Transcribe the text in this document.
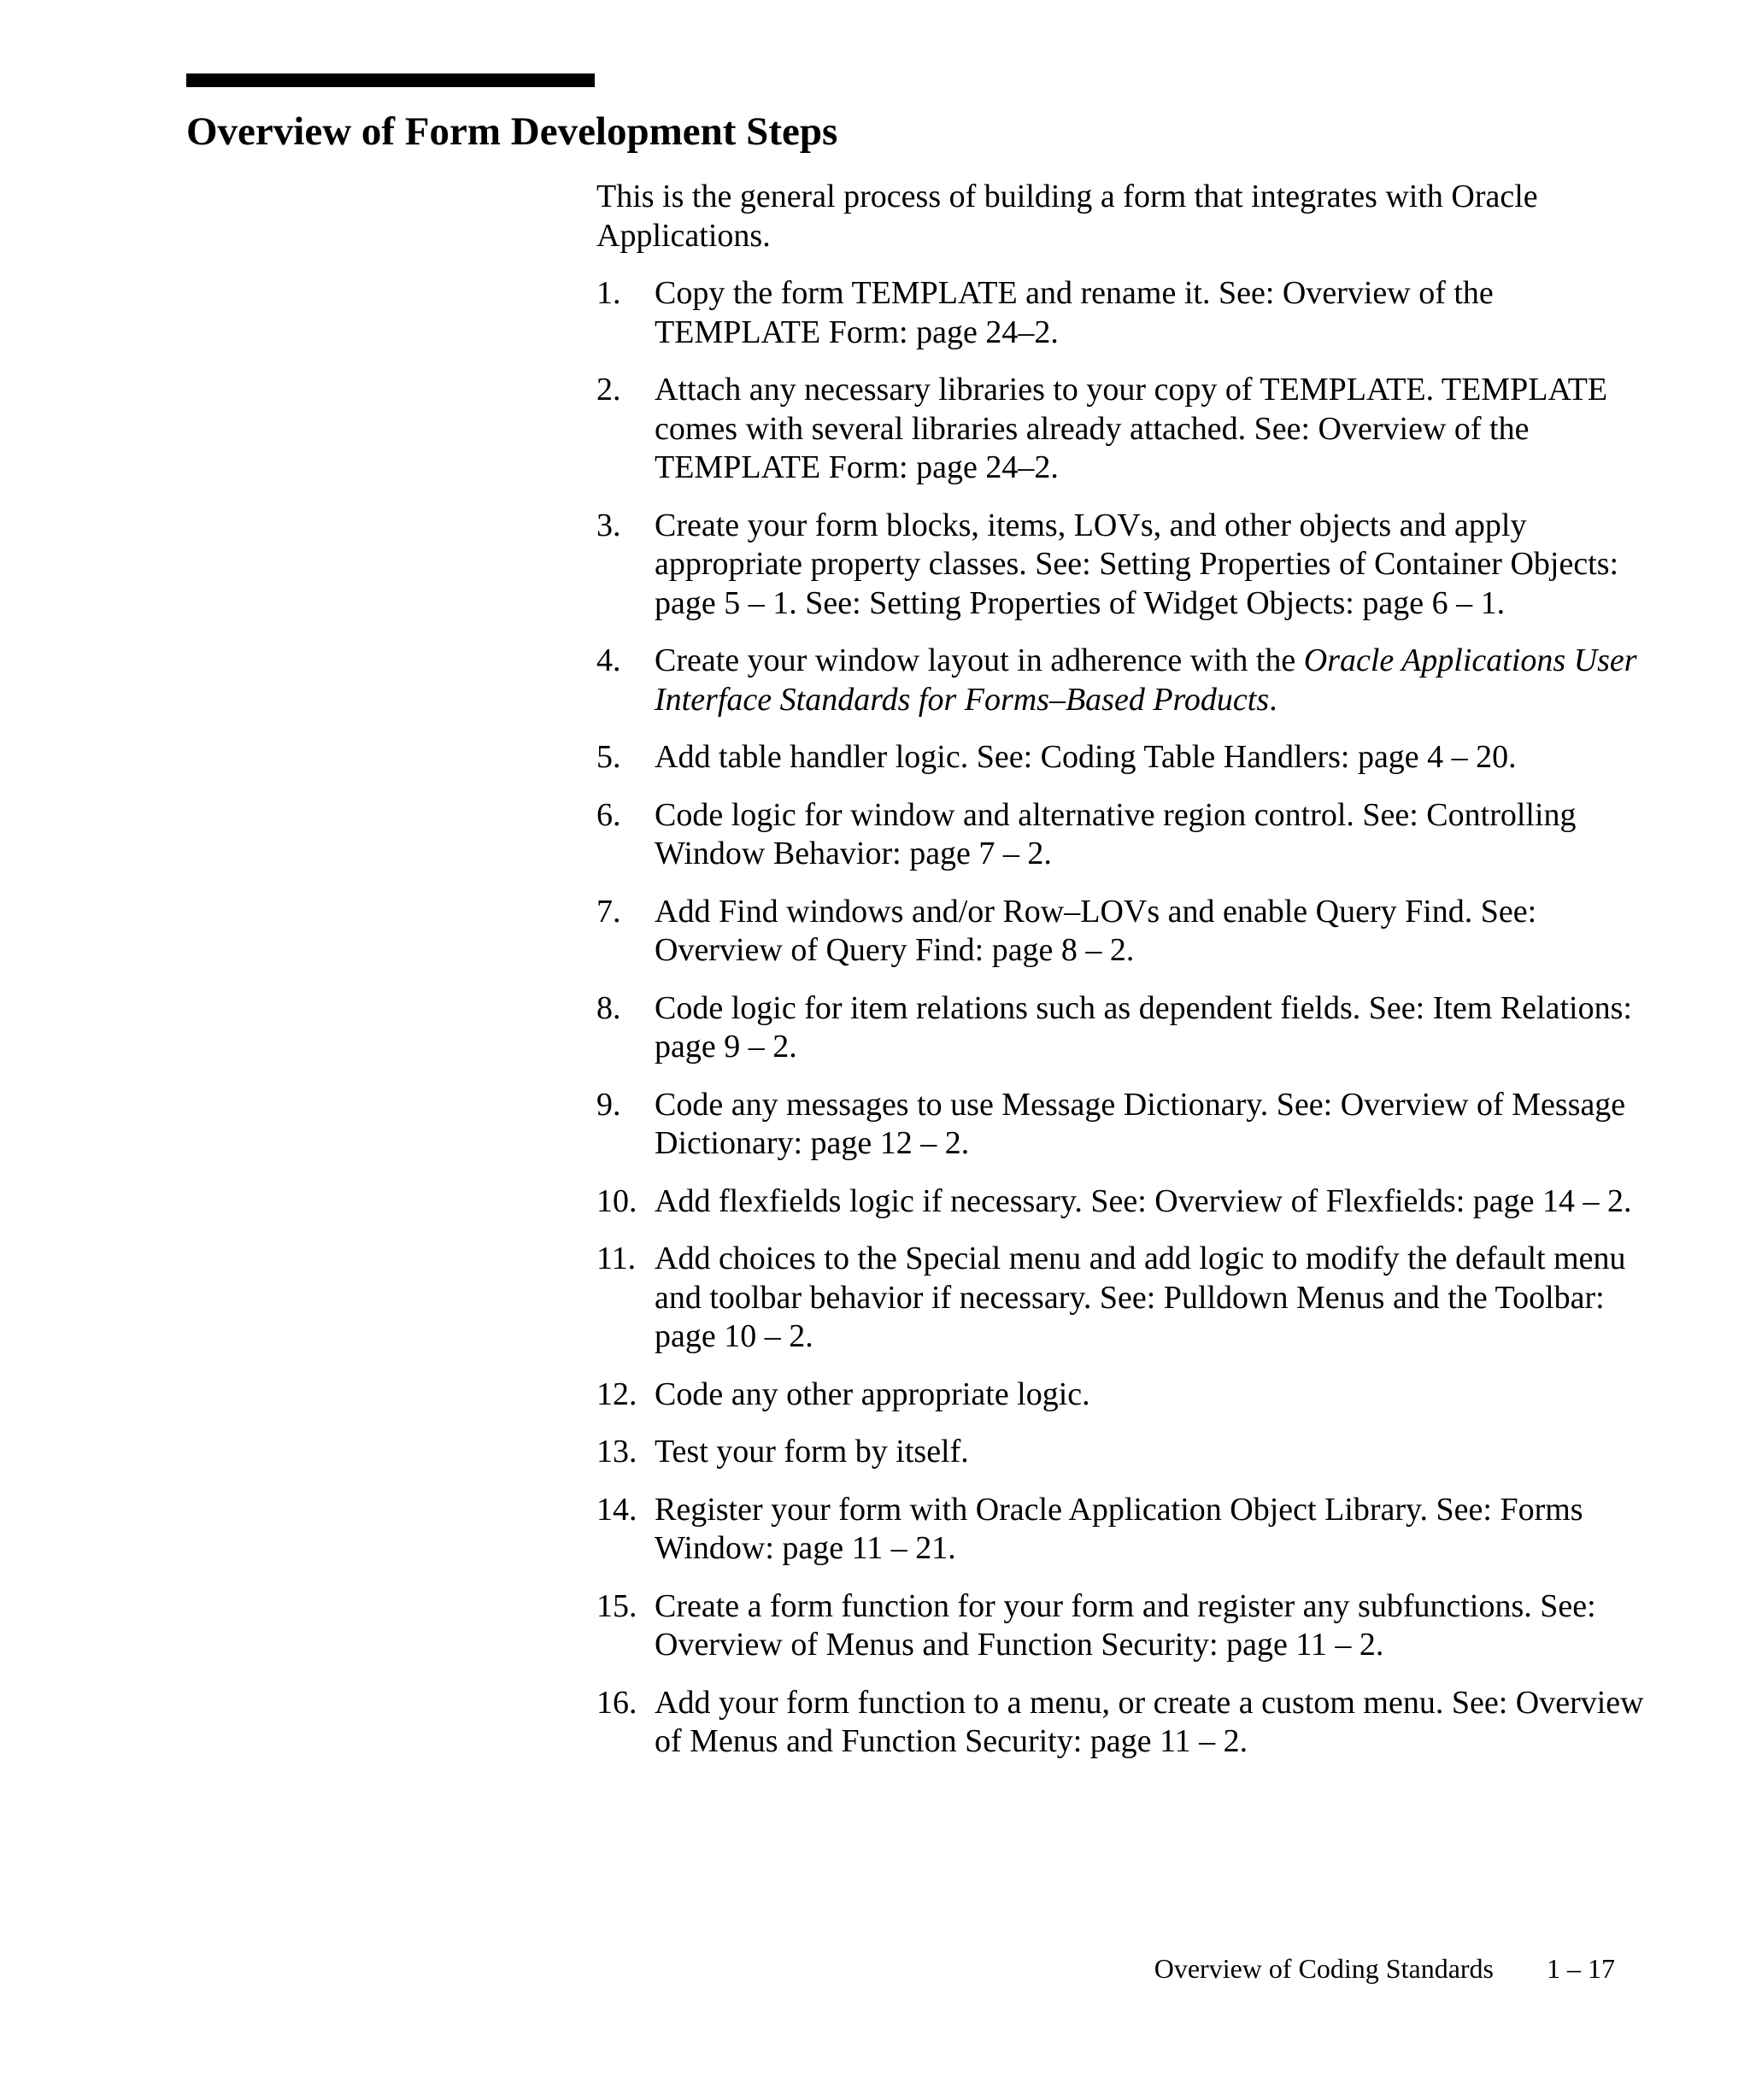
Overview of Form Development Steps

This is the general process of building a form that integrates with Oracle Applications.

1. Copy the form TEMPLATE and rename it. See: Overview of the TEMPLATE Form: page 24–2.
2. Attach any necessary libraries to your copy of TEMPLATE. TEMPLATE comes with several libraries already attached. See: Overview of the TEMPLATE Form: page 24–2.
3. Create your form blocks, items, LOVs, and other objects and apply appropriate property classes. See: Setting Properties of Container Objects: page 5 – 1. See: Setting Properties of Widget Objects: page 6 – 1.
4. Create your window layout in adherence with the Oracle Applications User Interface Standards for Forms–Based Products.
5. Add table handler logic. See: Coding Table Handlers: page 4 – 20.
6. Code logic for window and alternative region control. See: Controlling Window Behavior: page 7 – 2.
7. Add Find windows and/or Row–LOVs and enable Query Find. See: Overview of Query Find: page 8 – 2.
8. Code logic for item relations such as dependent fields. See: Item Relations: page 9 – 2.
9. Code any messages to use Message Dictionary. See: Overview of Message Dictionary: page 12 – 2.
10. Add flexfields logic if necessary. See: Overview of Flexfields: page 14 – 2.
11. Add choices to the Special menu and add logic to modify the default menu and toolbar behavior if necessary. See: Pulldown Menus and the Toolbar: page 10 – 2.
12. Code any other appropriate logic.
13. Test your form by itself.
14. Register your form with Oracle Application Object Library. See: Forms Window: page 11 – 21.
15. Create a form function for your form and register any subfunctions. See: Overview of Menus and Function Security: page 11 – 2.
16. Add your form function to a menu, or create a custom menu. See: Overview of Menus and Function Security: page 11 – 2.
Overview of Coding Standards 1 – 17
